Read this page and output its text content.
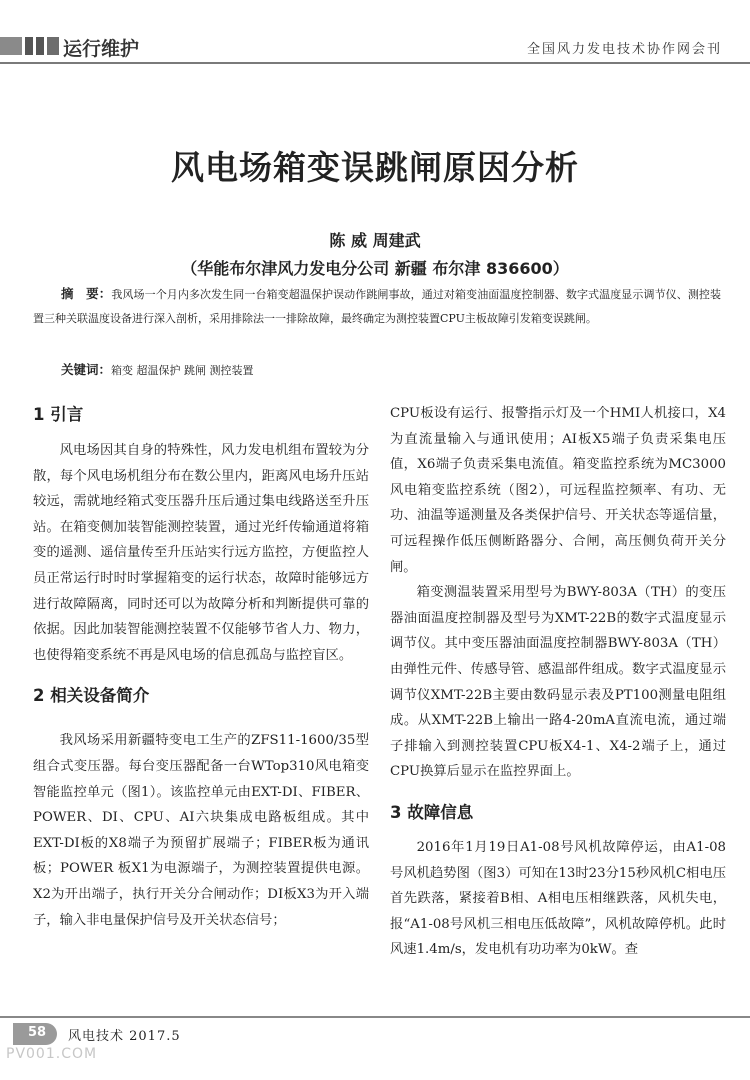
运行维护	全国风力发电技术协作网会刊
风电场箱变误跳闸原因分析
陈 威 周建武
（华能布尔津风力发电分公司 新疆 布尔津 836600）
摘　要：我风场一个月内多次发生同一台箱变超温保护误动作跳闸事故，通过对箱变油面温度控制器、数字式温度显示调节仪、测控装置三种关联温度设备进行深入剖析，采用排除法一一排除故障，最终确定为测控装置CPU主板故障引发箱变误跳闸。
关键词：箱变 超温保护 跳闸 测控装置
1 引言

风电场因其自身的特殊性，风力发电机组布置较为分散，每个风电场机组分布在数公里内，距离风电场升压站较远，需就地经箱式变压器升压后通过集电线路送至升压站。在箱变侧加装智能测控装置，通过光纤传输通道将箱变的遥测、遥信量传至升压站实行远方监控，方便监控人员正常运行时时时掌握箱变的运行状态，故障时能够远方进行故障隔离，同时还可以为故障分析和判断提供可靠的依据。因此加装智能测控装置不仅能够节省人力、物力，也使得箱变系统不再是风电场的信息孤岛与监控盲区。

2 相关设备简介

我风场采用新疆特变电工生产的ZFS11-1600/35型组合式变压器。每台变压器配备一台WTop310风电箱变智能监控单元（图1）。该监控单元由EXT-DI、FIBER、POWER、DI、CPU、AI六块集成电路板组成。其中EXT-DI板的X8端子为预留扩展端子；FIBER板为通讯板；POWER 板X1为电源端子，为测控装置提供电源。X2为开出端子，执行开关分合闸动作；DI板X3为开入端子，输入非电量保护信号及开关状态信号；

CPU板设有运行、报警指示灯及一个HMI人机接口，X4为直流量输入与通讯使用；AI板X5端子负责采集电压值，X6端子负责采集电流值。箱变监控系统为MC3000风电箱变监控系统（图2），可远程监控频率、有功、无功、油温等遥测量及各类保护信号、开关状态等遥信量，可远程操作低压侧断路器分、合闸，高压侧负荷开关分闸。

箱变测温装置采用型号为BWY-803A（TH）的变压器油面温度控制器及型号为XMT-22B的数字式温度显示调节仪。其中变压器油面温度控制器BWY-803A（TH）由弹性元件、传感导管、感温部件组成。数字式温度显示调节仪XMT-22B主要由数码显示表及PT100测量电阻组成。从XMT-22B上输出一路4-20mA直流电流，通过端子排输入到测控装置CPU板X4-1、X4-2端子上，通过CPU换算后显示在监控界面上。

3 故障信息

2016年1月19日A1-08号风机故障停运，由A1-08号风机趋势图（图3）可知在13时23分15秒风机C相电压首先跌落，紧接着B相、A相电压相继跌落，风机失电，报“A1-08号风机三相电压低故障”，风机故障停机。此时风速1.4m/s，发电机有功功率为0kW。查

58 风电技术 2017.5
PV001.COM
